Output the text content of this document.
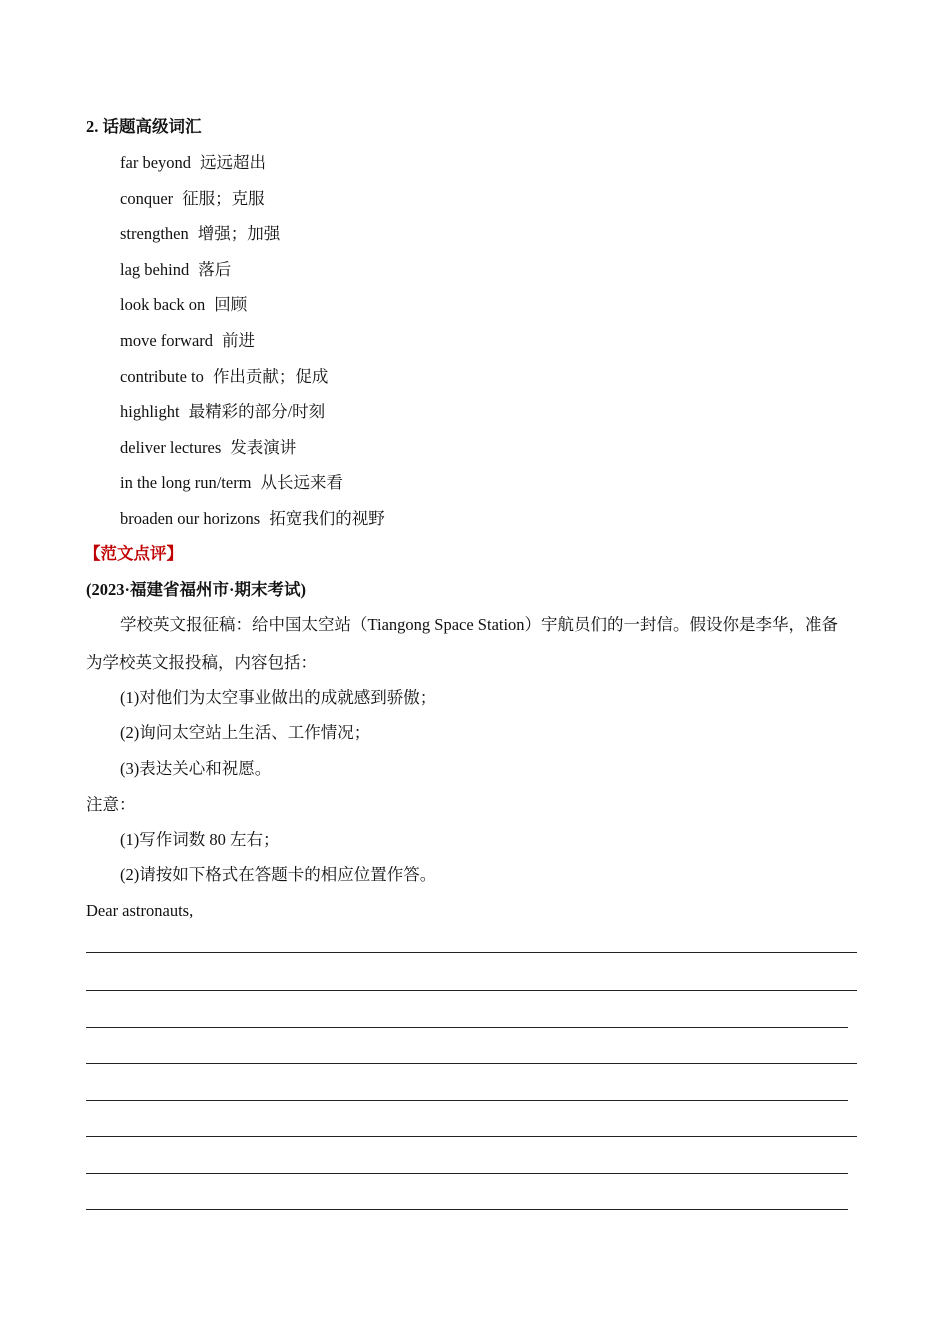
2. 话题高级词汇
far beyond 远远超出
conquer 征服；克服
strengthen 增强；加强
lag behind 落后
look back on 回顾
move forward 前进
contribute to 作出贡献；促成
highlight 最精彩的部分/时刻
deliver lectures 发表演讲
in the long run/term 从长远来看
broaden our horizons 拓宽我们的视野
【范文点评】
(2023·福建省福州市·期末考试)
学校英文报征稿：给中国太空站（Tiangong Space Station）宇航员们的一封信。假设你是李华，准备
为学校英文报投稿，内容包括：
(1)对他们为太空事业做出的成就感到骄傲；
(2)询问太空站上生活、工作情况；
(3)表达关心和祝愿。
注意：
(1)写作词数 80 左右；
(2)请按如下格式在答题卡的相应位置作答。
Dear astronauts,
